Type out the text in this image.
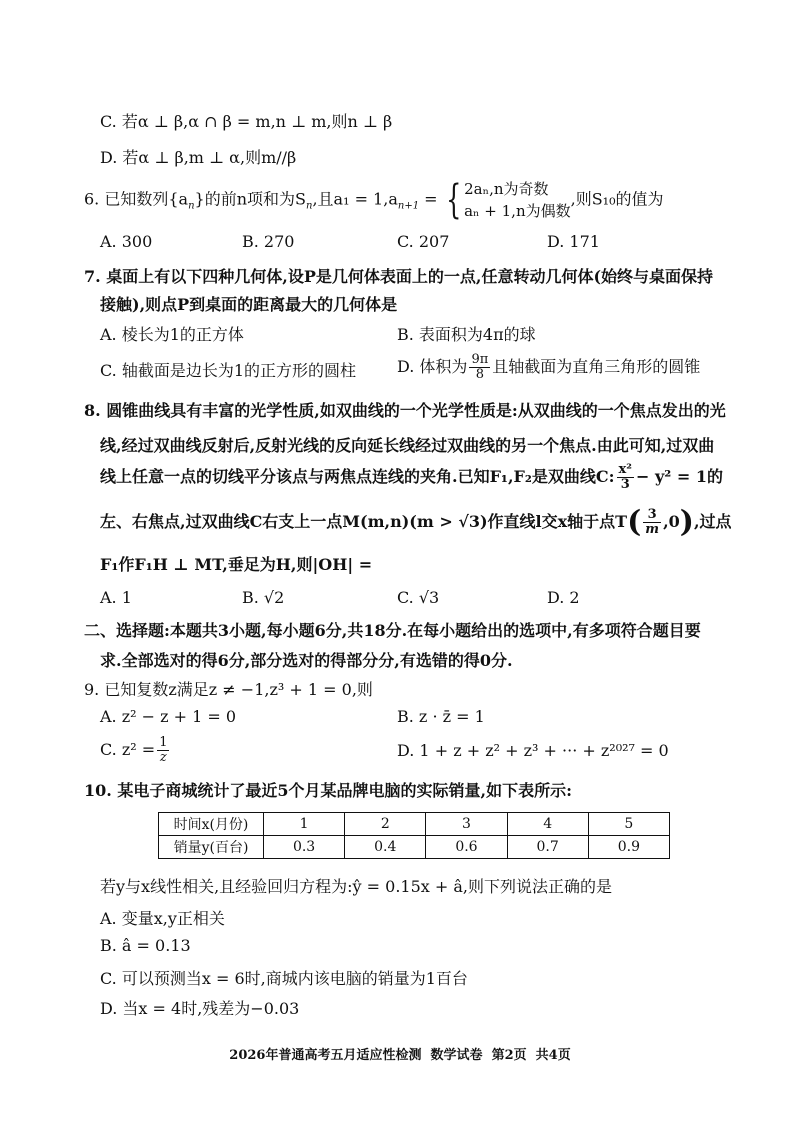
C. 若α ⊥ β,α ∩ β = m,n ⊥ m,则n ⊥ β
D. 若α ⊥ β,m ⊥ α,则m//β
6. 已知数列$\{a_n\}$的前n项和为$S_n$,且$a_1 = 1,a_{n+1}$ = { 2aₙ,n为奇数
aₙ + 1,n为偶数
,则S₁₀的值为
A. 300	B. 270	C. 207	D. 171
7. 桌面上有以下四种几何体,设P是几何体表面上的一点,任意转动几何体(始终与桌面保持
接触),则点P到桌面的距离最大的几何体是
A. 棱长为1的正方体	B. 表面积为4π的球
C. 轴截面是边长为1的正方形的圆柱	D. 体积为 $\frac{9\pi}{8}$ 且轴截面为直角三角形的圆锥
8. 圆锥曲线具有丰富的光学性质,如双曲线的一个光学性质是:从双曲线的一个焦点发出的光
线,经过双曲线反射后,反射光线的反向延长线经过双曲线的另一个焦点.由此可知,过双曲
线上任意一点的切线平分该点与两焦点连线的夹角.已知F₁,F₂是双曲线C: $\frac{\text{x²}}{3} - y^2 = 1$的
左、右焦点,过双曲线C右支上一点M(m,n)(m > √3)作直线l交x轴于点$T( \frac{3}{m} ,0)$,过点
F₁作F₁H ⊥ MT,垂足为H,则|OH| =
A. 1	B. √2	C. √3	D. 2
二、选择题:本题共3小题,每小题6分,共18分.在每小题给出的选项中,有多项符合题目要
求.全部选对的得6分,部分选对的得部分分,有选错的得0分.
9. 已知复数z满足z ≠ −1,z³ + 1 = 0,则
A. z² − z + 1 = 0	B. z · z̄ = 1
C. $z^2 = \frac{1}{z}$	D. 1 + z + z² + z³ + ··· + z²⁰²⁷ = 0
10. 某电子商城统计了最近5个月某品牌电脑的实际销量,如下表所示:
时间x(月份)	1	2	3	4	5
销量y(百台)	0.3	0.4	0.6	0.7	0.9
若y与x线性相关,且经验回归方程为:ŷ = 0.15x + â,则下列说法正确的是
A. 变量x,y正相关
B. â = 0.13
C. 可以预测当x = 6时,商城内该电脑的销量为1百台
D. 当x = 4时,残差为−0.03
2026年普通高考五月适应性检测  数学试卷  第2页  共4页
